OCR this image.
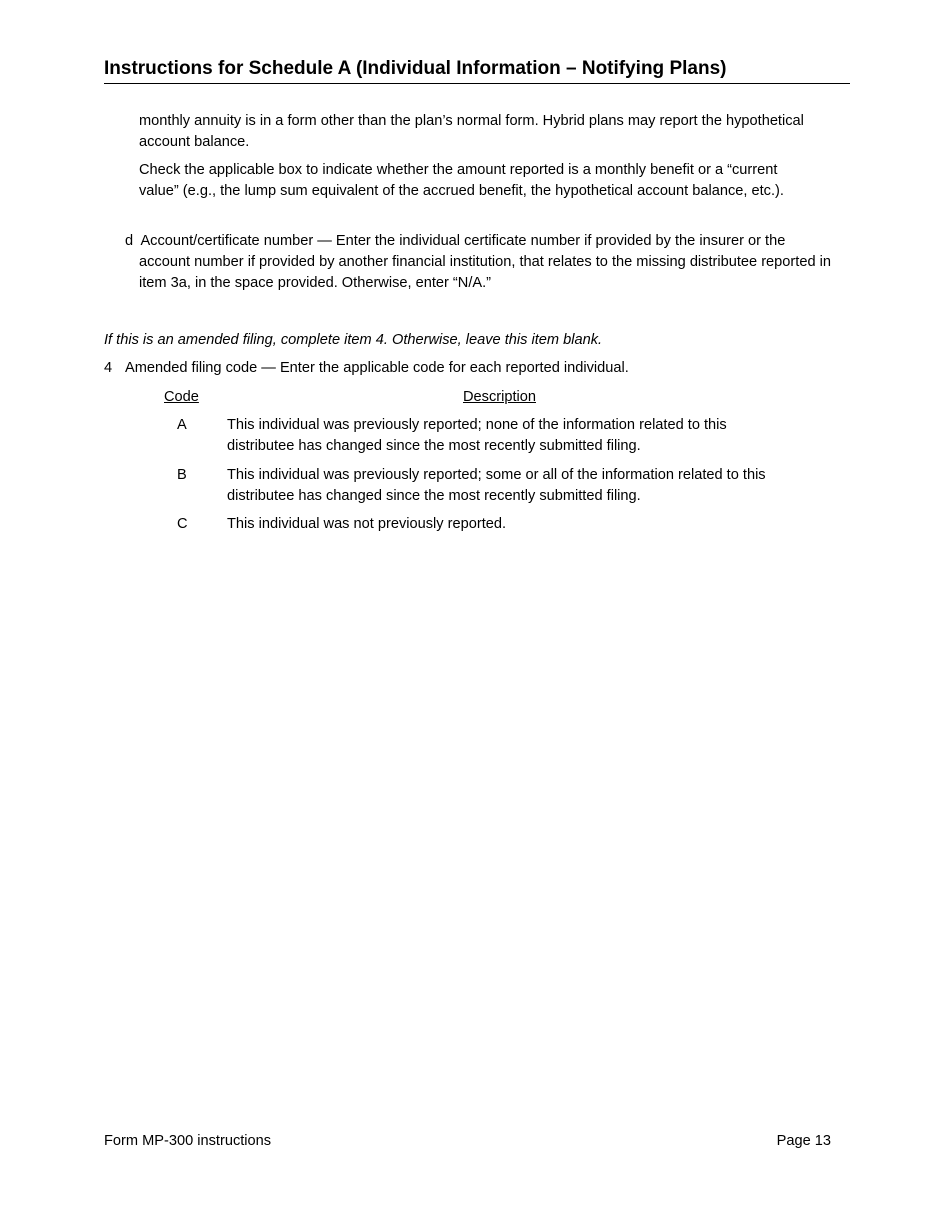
Instructions for Schedule A (Individual Information – Notifying Plans)
monthly annuity is in a form other than the plan’s normal form. Hybrid plans may report the hypothetical account balance.
Check the applicable box to indicate whether the amount reported is a monthly benefit or a “current value” (e.g., the lump sum equivalent of the accrued benefit, the hypothetical account balance, etc.).
d Account/certificate number — Enter the individual certificate number if provided by the insurer or the account number if provided by another financial institution, that relates to the missing distributee reported in item 3a, in the space provided. Otherwise, enter “N/A.”
If this is an amended filing, complete item 4. Otherwise, leave this item blank.
4 Amended filing code — Enter the applicable code for each reported individual.
Code	Description
A	This individual was previously reported; none of the information related to this distributee has changed since the most recently submitted filing.
B	This individual was previously reported; some or all of the information related to this distributee has changed since the most recently submitted filing.
C	This individual was not previously reported.
Form MP-300 instructions	Page 13
